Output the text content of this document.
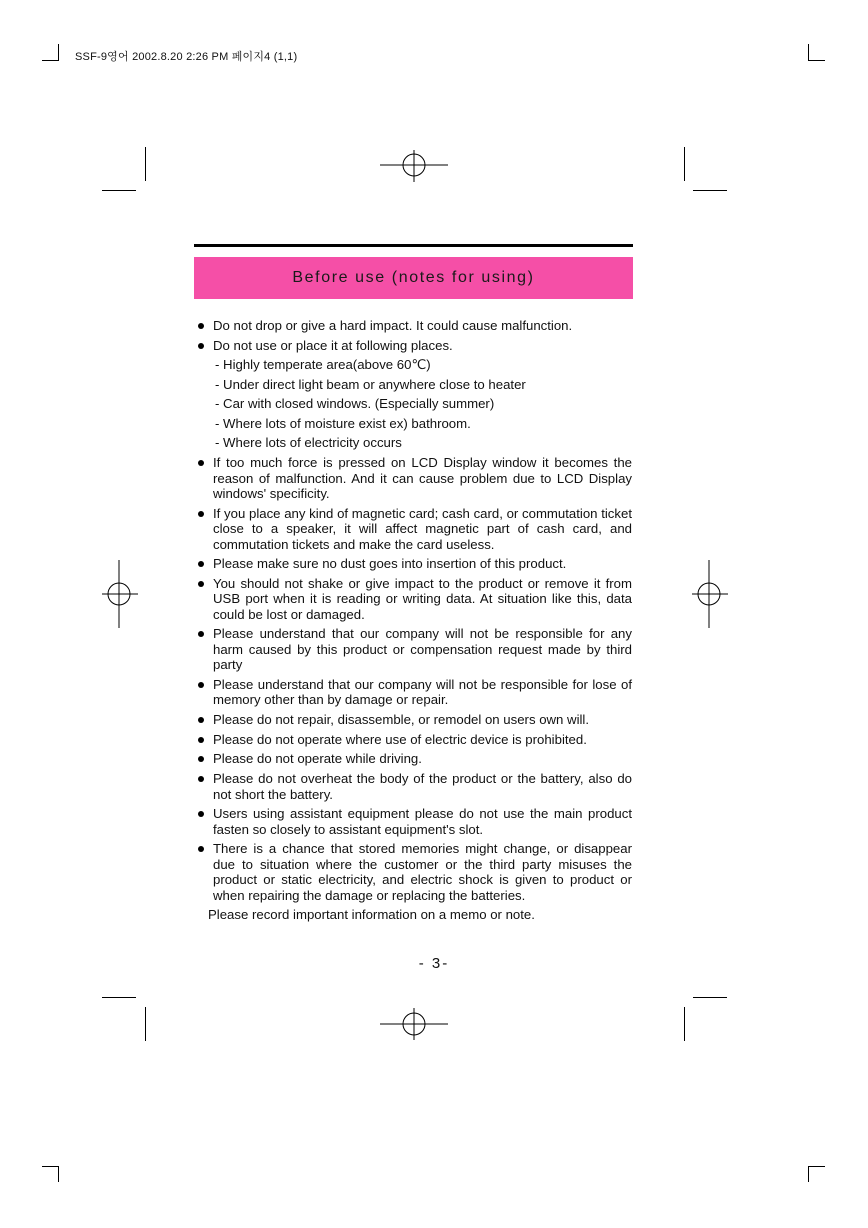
SSF-9영어 2002.8.20 2:26 PM 페이지4 (1,1)
Before use (notes for using)
Do not drop or give a hard impact. It could cause malfunction.
Do not use or place it at following places.
- Highly temperate area(above 60℃)
- Under direct light beam or anywhere close to heater
- Car with closed windows. (Especially summer)
- Where lots of moisture exist ex) bathroom.
- Where lots of electricity occurs
If too much force is pressed on LCD Display window it becomes the reason of malfunction. And it can cause problem due to LCD Display windows' specificity.
If you place any kind of magnetic card; cash card, or commutation ticket close to a speaker, it will affect magnetic part of cash card, and commutation tickets and make the card useless.
Please make sure no dust goes into insertion of this product.
You should not shake or give impact to the product or remove it from USB port when it is reading or writing data. At situation like this, data could be lost or damaged.
Please understand that our company will not be responsible for any harm caused by this product or compensation request made by third party
Please understand that our company will not be responsible for lose of memory other than by damage or repair.
Please do not repair, disassemble, or remodel on users own will.
Please do not operate where use of electric device is prohibited.
Please do not operate while driving.
Please do not overheat the body of the product or the battery, also do not short the battery.
Users using assistant equipment please do not use the main product fasten so closely to assistant equipment's slot.
There is a chance that stored memories might change, or disappear due to situation where the customer or the third party misuses the product or static electricity, and electric shock is given to product or when repairing the damage or replacing the batteries.
Please record important information on a memo or note.
- 3-
